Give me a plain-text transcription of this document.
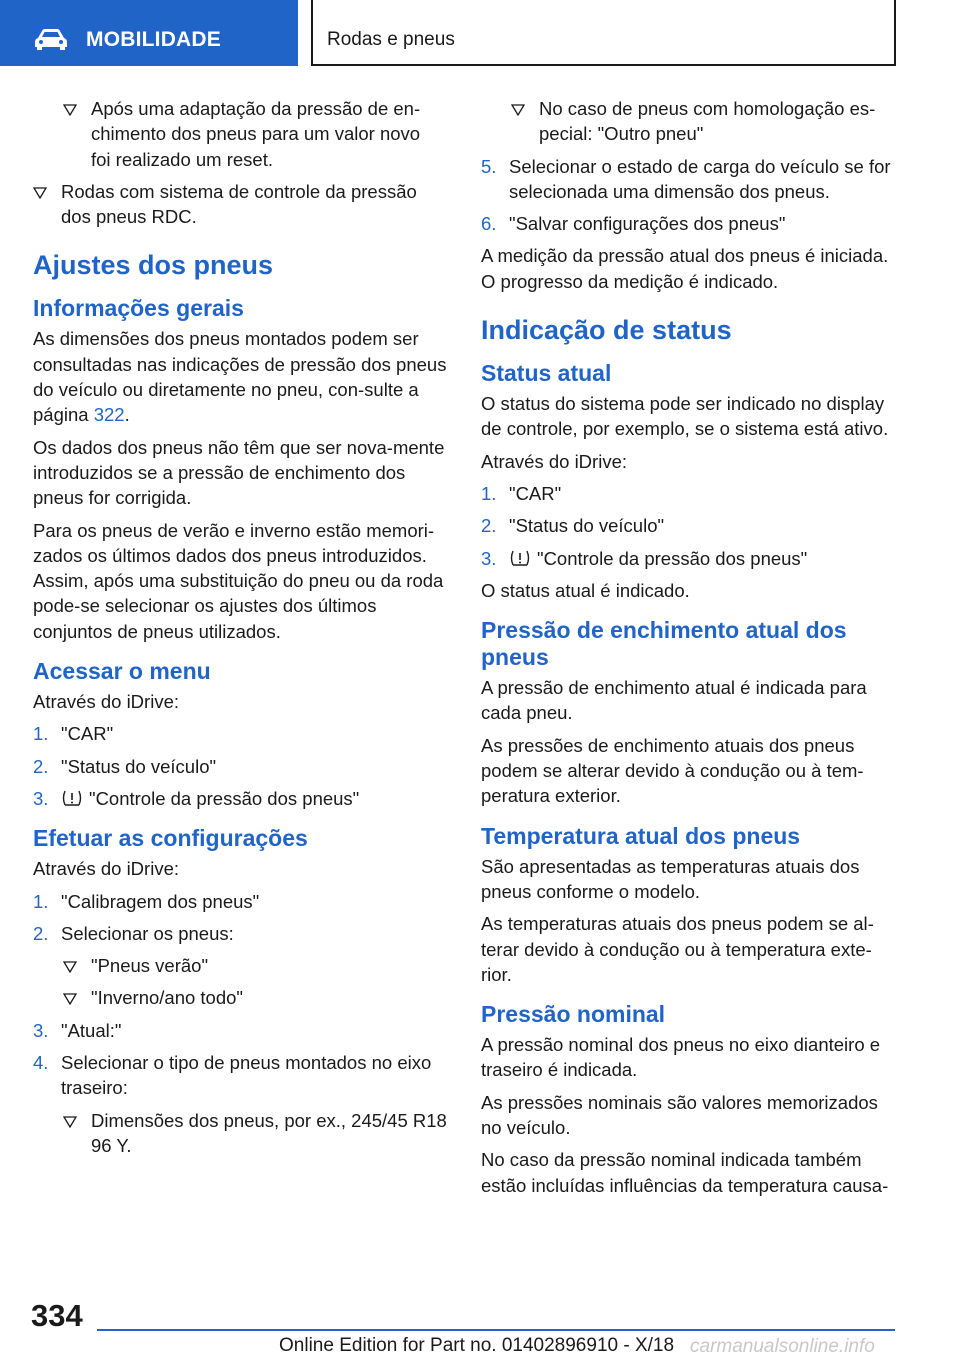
MOBILIDADE	Rodas e pneus
Após uma adaptação da pressão de en-
chimento dos pneus para um valor novo
foi realizado um reset.
Rodas com sistema de controle da pressão
dos pneus RDC.
Ajustes dos pneus
Informações gerais
As dimensões dos pneus montados podem ser consultadas nas indicações de pressão dos pneus do veículo ou diretamente no pneu, con-sulte a página 322.
Os dados dos pneus não têm que ser nova-mente introduzidos se a pressão de enchimento dos pneus for corrigida.
Para os pneus de verão e inverno estão memori-zados os últimos dados dos pneus introduzidos. Assim, após uma substituição do pneu ou da roda pode-se selecionar os ajustes dos últimos conjuntos de pneus utilizados.
Acessar o menu
Através do iDrive:
1. "CAR"
2. "Status do veículo"
3. "Controle da pressão dos pneus"
Efetuar as configurações
Através do iDrive:
1. "Calibragem dos pneus"
2. Selecionar os pneus:
"Pneus verão"
"Inverno/ano todo"
3. "Atual:"
4. Selecionar o tipo de pneus montados no eixo traseiro:
Dimensões dos pneus, por ex., 245/45 R18 96 Y.
No caso de pneus com homologação es-pecial: "Outro pneu"
5. Selecionar o estado de carga do veículo se for selecionada uma dimensão dos pneus.
6. "Salvar configurações dos pneus"
A medição da pressão atual dos pneus é iniciada. O progresso da medição é indicado.
Indicação de status
Status atual
O status do sistema pode ser indicado no display de controle, por exemplo, se o sistema está ativo.
Através do iDrive:
1. "CAR"
2. "Status do veículo"
3. "Controle da pressão dos pneus"
O status atual é indicado.
Pressão de enchimento atual dos pneus
A pressão de enchimento atual é indicada para cada pneu.
As pressões de enchimento atuais dos pneus podem se alterar devido à condução ou à tem-peratura exterior.
Temperatura atual dos pneus
São apresentadas as temperaturas atuais dos pneus conforme o modelo.
As temperaturas atuais dos pneus podem se al-terar devido à condução ou à temperatura exte-rior.
Pressão nominal
A pressão nominal dos pneus no eixo dianteiro e traseiro é indicada.
As pressões nominais são valores memorizados no veículo.
No caso da pressão nominal indicada também estão incluídas influências da temperatura causa-
334
Online Edition for Part no. 01402896910 - X/18 carmanualsonline.info
